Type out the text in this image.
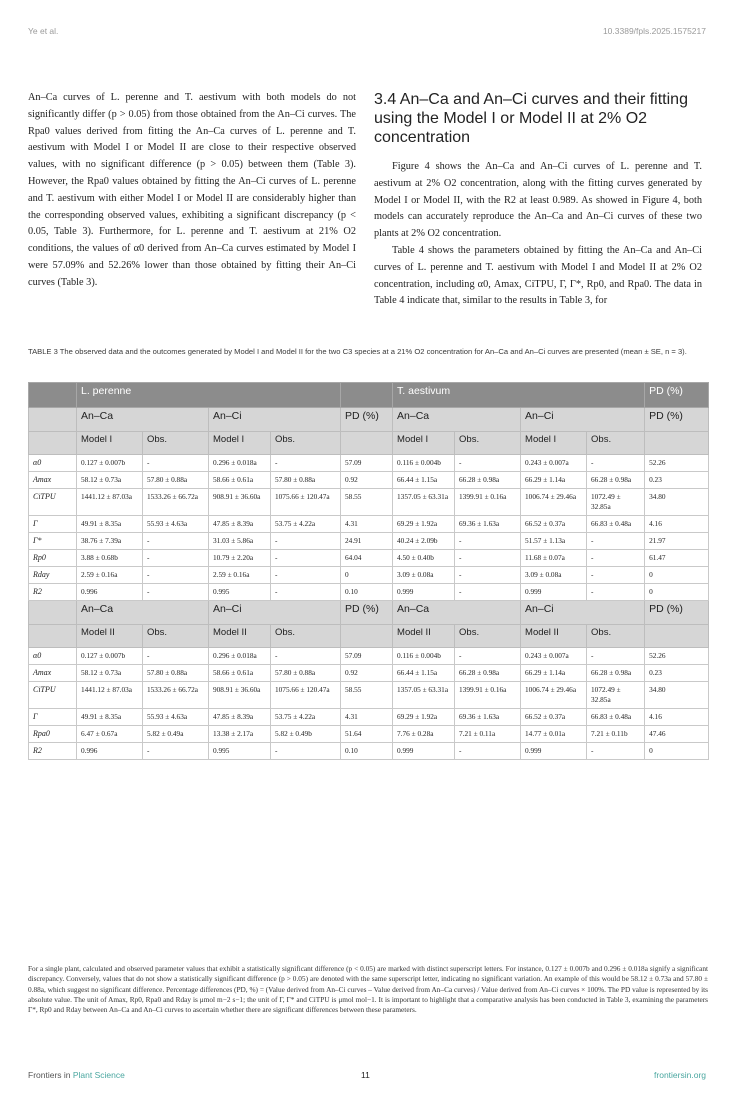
Ye et al.	10.3389/fpls.2025.1575217
An–Ca curves of L. perenne and T. aestivum with both models do not significantly differ (p > 0.05) from those obtained from the An–Ci curves. The Rpa0 values derived from fitting the An–Ca curves of L. perenne and T. aestivum with Model I or Model II are close to their respective observed values, with no significant difference (p > 0.05) between them (Table 3). However, the Rpa0 values obtained by fitting the An–Ci curves of L. perenne and T. aestivum with either Model I or Model II are considerably higher than the corresponding observed values, exhibiting a significant discrepancy (p < 0.05, Table 3). Furthermore, for L. perenne and T. aestivum at 21% O2 conditions, the values of α0 derived from An–Ca curves estimated by Model I were 57.09% and 52.26% lower than those obtained by fitting their An–Ci curves (Table 3).
3.4 An–Ca and An–Ci curves and their fitting using the Model I or Model II at 2% O2 concentration
Figure 4 shows the An–Ca and An–Ci curves of L. perenne and T. aestivum at 2% O2 concentration, along with the fitting curves generated by Model I or Model II, with the R2 at least 0.989. As showed in Figure 4, both models can accurately reproduce the An–Ca and An–Ci curves of these two plants at 2% O2 concentration.
Table 4 shows the parameters obtained by fitting the An–Ca and An–Ci curves of L. perenne and T. aestivum with Model I and Model II at 2% O2 concentration, including α0, Amax, CiTPU, Γ, Γ*, Rp0, and Rpa0. The data in Table 4 indicate that, similar to the results in Table 3, for
TABLE 3 The observed data and the outcomes generated by Model I and Model II for the two C3 species at a 21% O2 concentration for An–Ca and An–Ci curves are presented (mean ± SE, n = 3).
	L. perenne					T. aestivum				PD (%)
	An–Ca		An–Ci		PD (%)	An–Ca		An–Ci		PD (%)
	Model I	Obs.	Model I	Obs.		Model I	Obs.	Model I	Obs.	
α0	0.127 ± 0.007b	-	0.296 ± 0.018a	-	57.09	0.116 ± 0.004b	-	0.243 ± 0.007a	-	52.26
Amax	58.12 ± 0.73a	57.80 ± 0.88a	58.66 ± 0.61a	57.80 ± 0.88a	0.92	66.44 ± 1.15a	66.28 ± 0.98a	66.29 ± 1.14a	66.28 ± 0.98a	0.23
CiTPU	1441.12 ± 87.03a	1533.26 ± 66.72a	908.91 ± 36.60a	1075.66 ± 120.47a	58.55	1357.05 ± 63.31a	1399.91 ± 0.16a	1006.74 ± 29.46a	1072.49 ± 32.85a	34.80
Γ	49.91 ± 8.35a	55.93 ± 4.63a	47.85 ± 8.39a	53.75 ± 4.22a	4.31	69.29 ± 1.92a	69.36 ± 1.63a	66.52 ± 0.37a	66.83 ± 0.48a	4.16
Γ*	38.76 ± 7.39a	-	31.03 ± 5.86a	-	24.91	40.24 ± 2.09b	-	51.57 ± 1.13a	-	21.97
Rp0	3.88 ± 0.68b	-	10.79 ± 2.20a	-	64.04	4.50 ± 0.40b	-	11.68 ± 0.07a	-	61.47
Rday	2.59 ± 0.16a	-	2.59 ± 0.16a	-	0	3.09 ± 0.08a	-	3.09 ± 0.08a	-	0
R2	0.996	-	0.995	-	0.10	0.999	-	0.999	-	0
	An–Ca		An–Ci		PD (%)	An–Ca		An–Ci		PD (%)
	Model II	Obs.	Model II	Obs.		Model II	Obs.	Model II	Obs.	
α0	0.127 ± 0.007b	-	0.296 ± 0.018a	-	57.09	0.116 ± 0.004b	-	0.243 ± 0.007a	-	52.26
Amax	58.12 ± 0.73a	57.80 ± 0.88a	58.66 ± 0.61a	57.80 ± 0.88a	0.92	66.44 ± 1.15a	66.28 ± 0.98a	66.29 ± 1.14a	66.28 ± 0.98a	0.23
CiTPU	1441.12 ± 87.03a	1533.26 ± 66.72a	908.91 ± 36.60a	1075.66 ± 120.47a	58.55	1357.05 ± 63.31a	1399.91 ± 0.16a	1006.74 ± 29.46a	1072.49 ± 32.85a	34.80
Γ	49.91 ± 8.35a	55.93 ± 4.63a	47.85 ± 8.39a	53.75 ± 4.22a	4.31	69.29 ± 1.92a	69.36 ± 1.63a	66.52 ± 0.37a	66.83 ± 0.48a	4.16
Rpa0	6.47 ± 0.67a	5.82 ± 0.49a	13.38 ± 2.17a	5.82 ± 0.49b	51.64	7.76 ± 0.28a	7.21 ± 0.11a	14.77 ± 0.01a	7.21 ± 0.11b	47.46
R2	0.996	-	0.995	-	0.10	0.999	-	0.999	-	0
For a single plant, calculated and observed parameter values that exhibit a statistically significant difference (p < 0.05) are marked with distinct superscript letters. For instance, 0.127 ± 0.007b and 0.296 ± 0.018a signify a significant discrepancy. Conversely, values that do not show a statistically significant difference (p > 0.05) are denoted with the same superscript letter, indicating no significant variation. An example of this would be 58.12 ± 0.73a and 57.80 ± 0.88a, which suggest no significant difference. Percentage differences (PD, %) = (Value derived from An–Ci curves – Value derived from An–Ca curves) / Value derived from An–Ci curves × 100%. The PD value is represented by its absolute value. The unit of Amax, Rp0, Rpa0 and Rday is μmol m−2 s−1; the unit of Γ, Γ* and CiTPU is μmol mol−1. It is important to highlight that a comparative analysis has been conducted in Table 3, examining the parameters Γ*, Rp0 and Rday between An–Ca and An–Ci curves to ascertain whether there are significant differences between these parameters.
Frontiers in Plant Science	11	frontiersin.org
